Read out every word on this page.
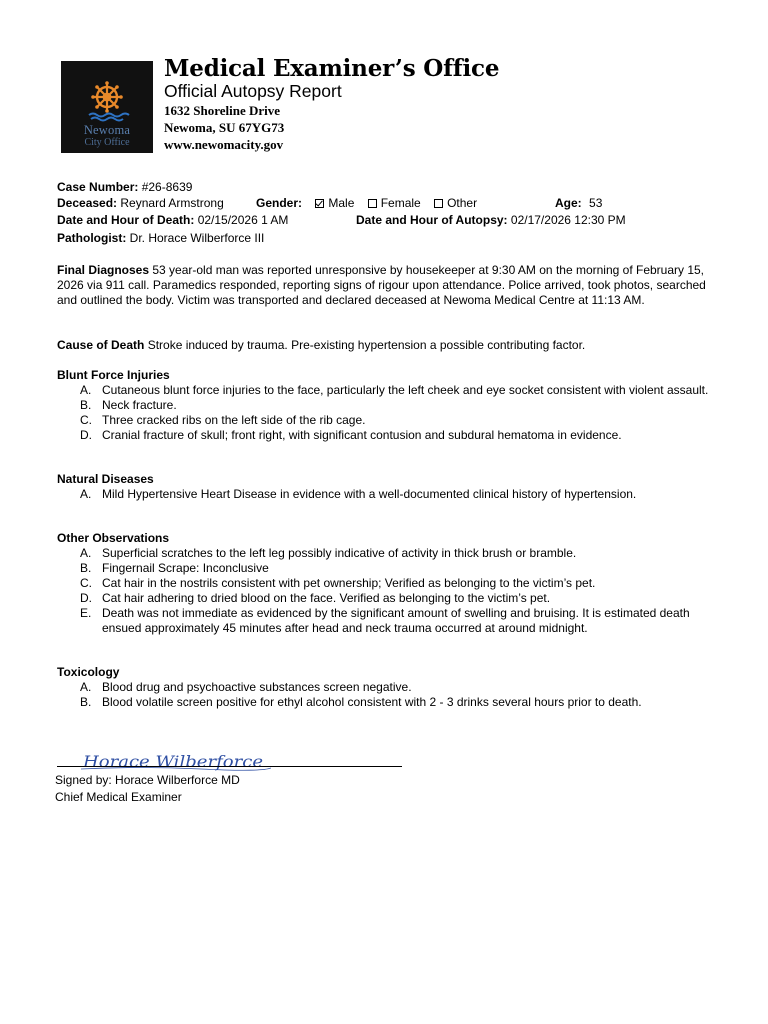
Newoma
City Office
Medical Examiner’s Office
Official Autopsy Report
1632 Shoreline Drive
Newoma, SU 67YG73
www.newomacity.gov
Case Number: #26-8639
Deceased: Reynard Armstrong	Gender: Male Female Other	Age: 53
Date and Hour of Death: 02/15/2026 1 AM	Date and Hour of Autopsy: 02/17/2026 12:30 PM
Pathologist: Dr. Horace Wilberforce III
Final Diagnoses 53 year-old man was reported unresponsive by housekeeper at 9:30 AM on the morning of February 15, 2026 via 911 call. Paramedics responded, reporting signs of rigour upon attendance. Police arrived, took photos, searched and outlined the body. Victim was transported and declared deceased at Newoma Medical Centre at 11:13 AM.
Cause of Death Stroke induced by trauma. Pre-existing hypertension a possible contributing factor.
Blunt Force Injuries
A. Cutaneous blunt force injuries to the face, particularly the left cheek and eye socket consistent with violent assault.
B. Neck fracture.
C. Three cracked ribs on the left side of the rib cage.
D. Cranial fracture of skull; front right, with significant contusion and subdural hematoma in evidence.
Natural Diseases
A. Mild Hypertensive Heart Disease in evidence with a well-documented clinical history of hypertension.
Other Observations
A. Superficial scratches to the left leg possibly indicative of activity in thick brush or bramble.
B. Fingernail Scrape: Inconclusive
C. Cat hair in the nostrils consistent with pet ownership; Verified as belonging to the victim’s pet.
D. Cat hair adhering to dried blood on the face. Verified as belonging to the victim’s pet.
E. Death was not immediate as evidenced by the significant amount of swelling and bruising. It is estimated death ensued approximately 45 minutes after head and neck trauma occurred at around midnight.
Toxicology
A. Blood drug and psychoactive substances screen negative.
B. Blood volatile screen positive for ethyl alcohol consistent with 2 - 3 drinks several hours prior to death.
Horace Wilberforce
Signed by: Horace Wilberforce MD
Chief Medical Examiner
